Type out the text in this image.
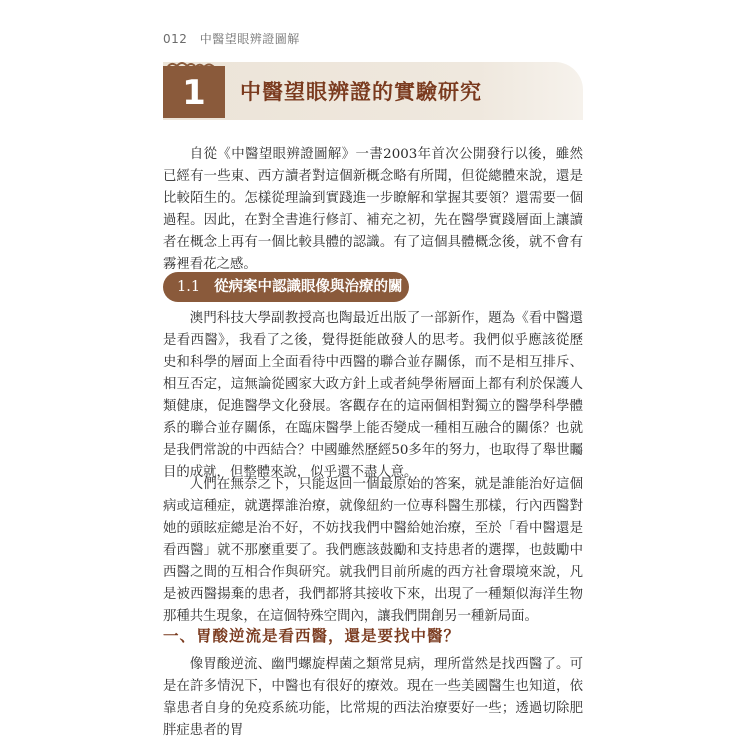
012 中醫望眼辨證圖解
1	中醫望眼辨證的實驗研究

自從《中醫望眼辨證圖解》一書2003年首次公開發行以後，雖然已經有一些東、西方讀者對這個新概念略有所聞，但從總體來說，還是比較陌生的。怎樣從理論到實踐進一步瞭解和掌握其要領？還需要一個過程。因此，在對全書進行修訂、補充之初，先在醫學實踐層面上讓讀者在概念上再有一個比較具體的認識。有了這個具體概念後，就不會有霧裡看花之感。

1.1 從病案中認識眼像與治療的關係 澳門科技大學副教授高也陶最近出版了一部新作，題為《看中醫還是看西醫》，我看了之後，覺得挺能啟發人的思考。我們似乎應該從歷史和科學的層面上全面看待中西醫的聯合並存關係，而不是相互排斥、相互否定，這無論從國家大政方針上或者純學術層面上都有利於保護人類健康，促進醫學文化發展。客觀存在的這兩個相對獨立的醫學科學體系的聯合並存關係，在臨床醫學上能否變成一種相互融合的關係？也就是我們常說的中西結合？中國雖然歷經50多年的努力，也取得了舉世矚目的成就，但整體來說，似乎還不盡人意。

人們在無奈之下，只能返回一個最原始的答案，就是誰能治好這個病或這種症，就選擇誰治療，就像紐約一位專科醫生那樣，行內西醫對她的頭眩症總是治不好，不妨找我們中醫給她治療，至於「看中醫還是看西醫」就不那麼重要了。我們應該鼓勵和支持患者的選擇，也鼓勵中西醫之間的互相合作與研究。就我們目前所處的西方社會環境來說，凡是被西醫揚棄的患者，我們都將其接收下來，出現了一種類似海洋生物那種共生現象，在這個特殊空間內，讓我們開創另一種新局面。

一、胃酸逆流是看西醫，還是要找中醫？

像胃酸逆流、幽門螺旋桿菌之類常見病，理所當然是找西醫了。可是在許多情況下，中醫也有很好的療效。現在一些美國醫生也知道，依靠患者自身的免疫系統功能，比常規的西法治療要好一些；透過切除肥胖症患者的胃
